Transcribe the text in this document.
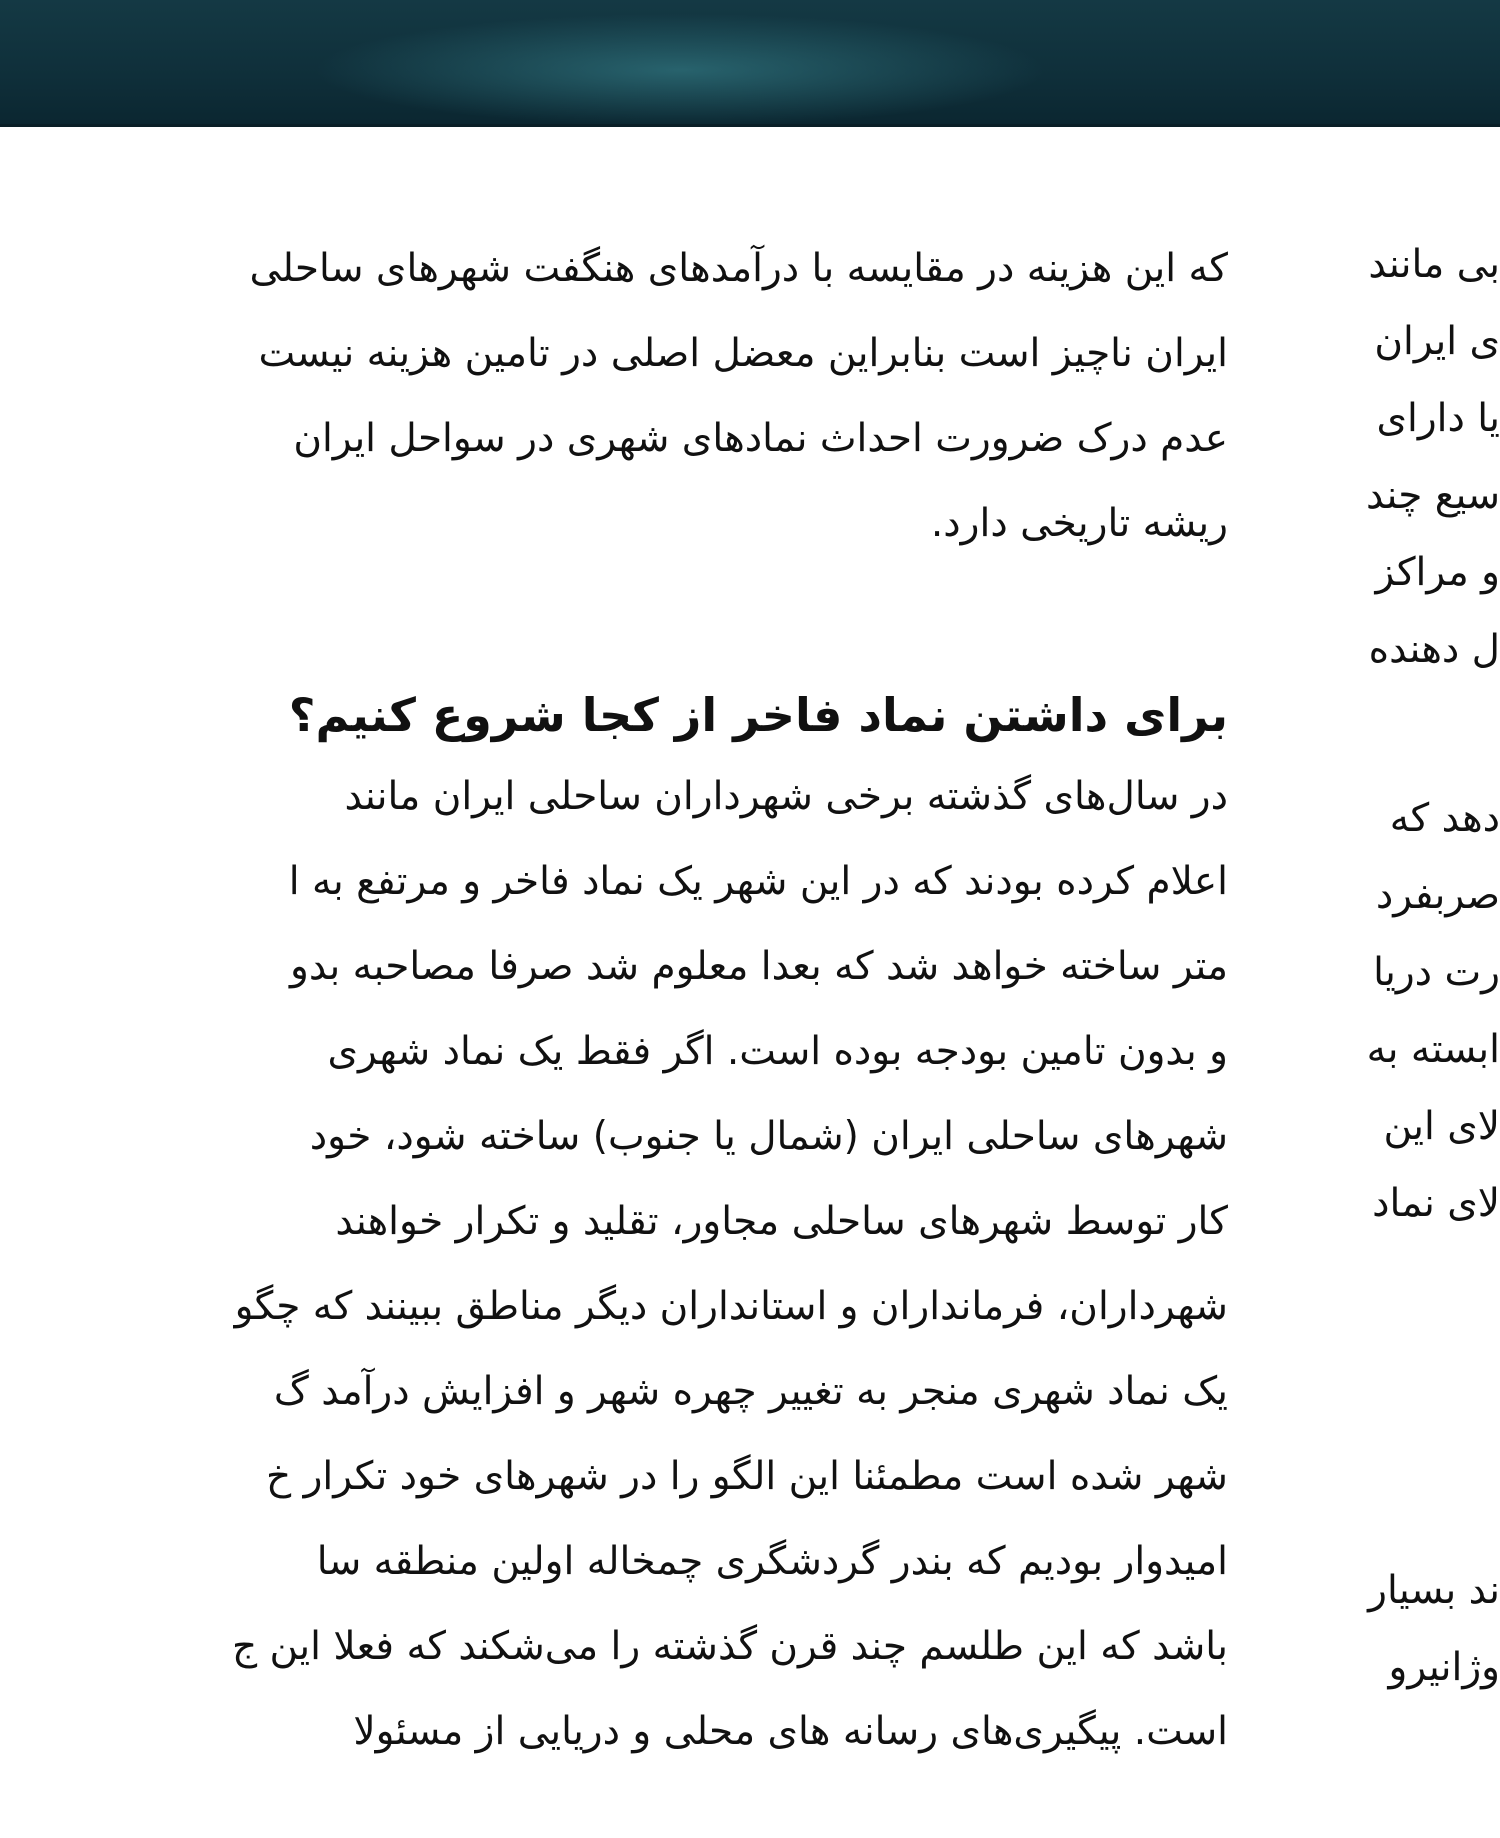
که این هزینه در مقایسه با درآمدهای هنگفت شهرهای ساحلی
ایران ناچیز است بنابراین معضل اصلی در تامین هزینه نیست
عدم درک ضرورت احداث نمادهای شهری در سواحل ایران
ریشه تاریخی دارد.
برای داشتن نماد فاخر از کجا شروع کنیم؟
در سال‌های گذشته برخی شهرداران ساحلی ایران مانند
اعلام کرده بودند که در این شهر یک نماد فاخر و مرتفع به ا
متر ساخته خواهد شد که بعدا معلوم شد صرفا مصاحبه بدو
و بدون تامین بودجه بوده است. اگر فقط یک نماد شهری
شهرهای ساحلی ایران (شمال یا جنوب) ساخته شود، خود
کار توسط شهرهای ساحلی مجاور، تقلید و تکرار خواهند
شهرداران، فرمانداران و استانداران دیگر مناطق ببینند که چگو
یک نماد شهری منجر به تغییر چهره شهر و افزایش درآمد گ
شهر شده است مطمئنا این الگو را در شهرهای خود تکرار خ
امیدوار بودیم که بندر گردشگری چمخاله اولین منطقه سا
باشد که این طلسم چند قرن گذشته را می‌شکند که فعلا این ج
است. پیگیری‌های رسانه های محلی و دریایی از مسئولا
بی مانند
ی ایران
یا دارای
سیع چند
و مراکز
ل دهنده
دهد که
صربفرد
رت دریا
ابسته به
لای این
لای نماد
ند بسیار
وژانیرو
